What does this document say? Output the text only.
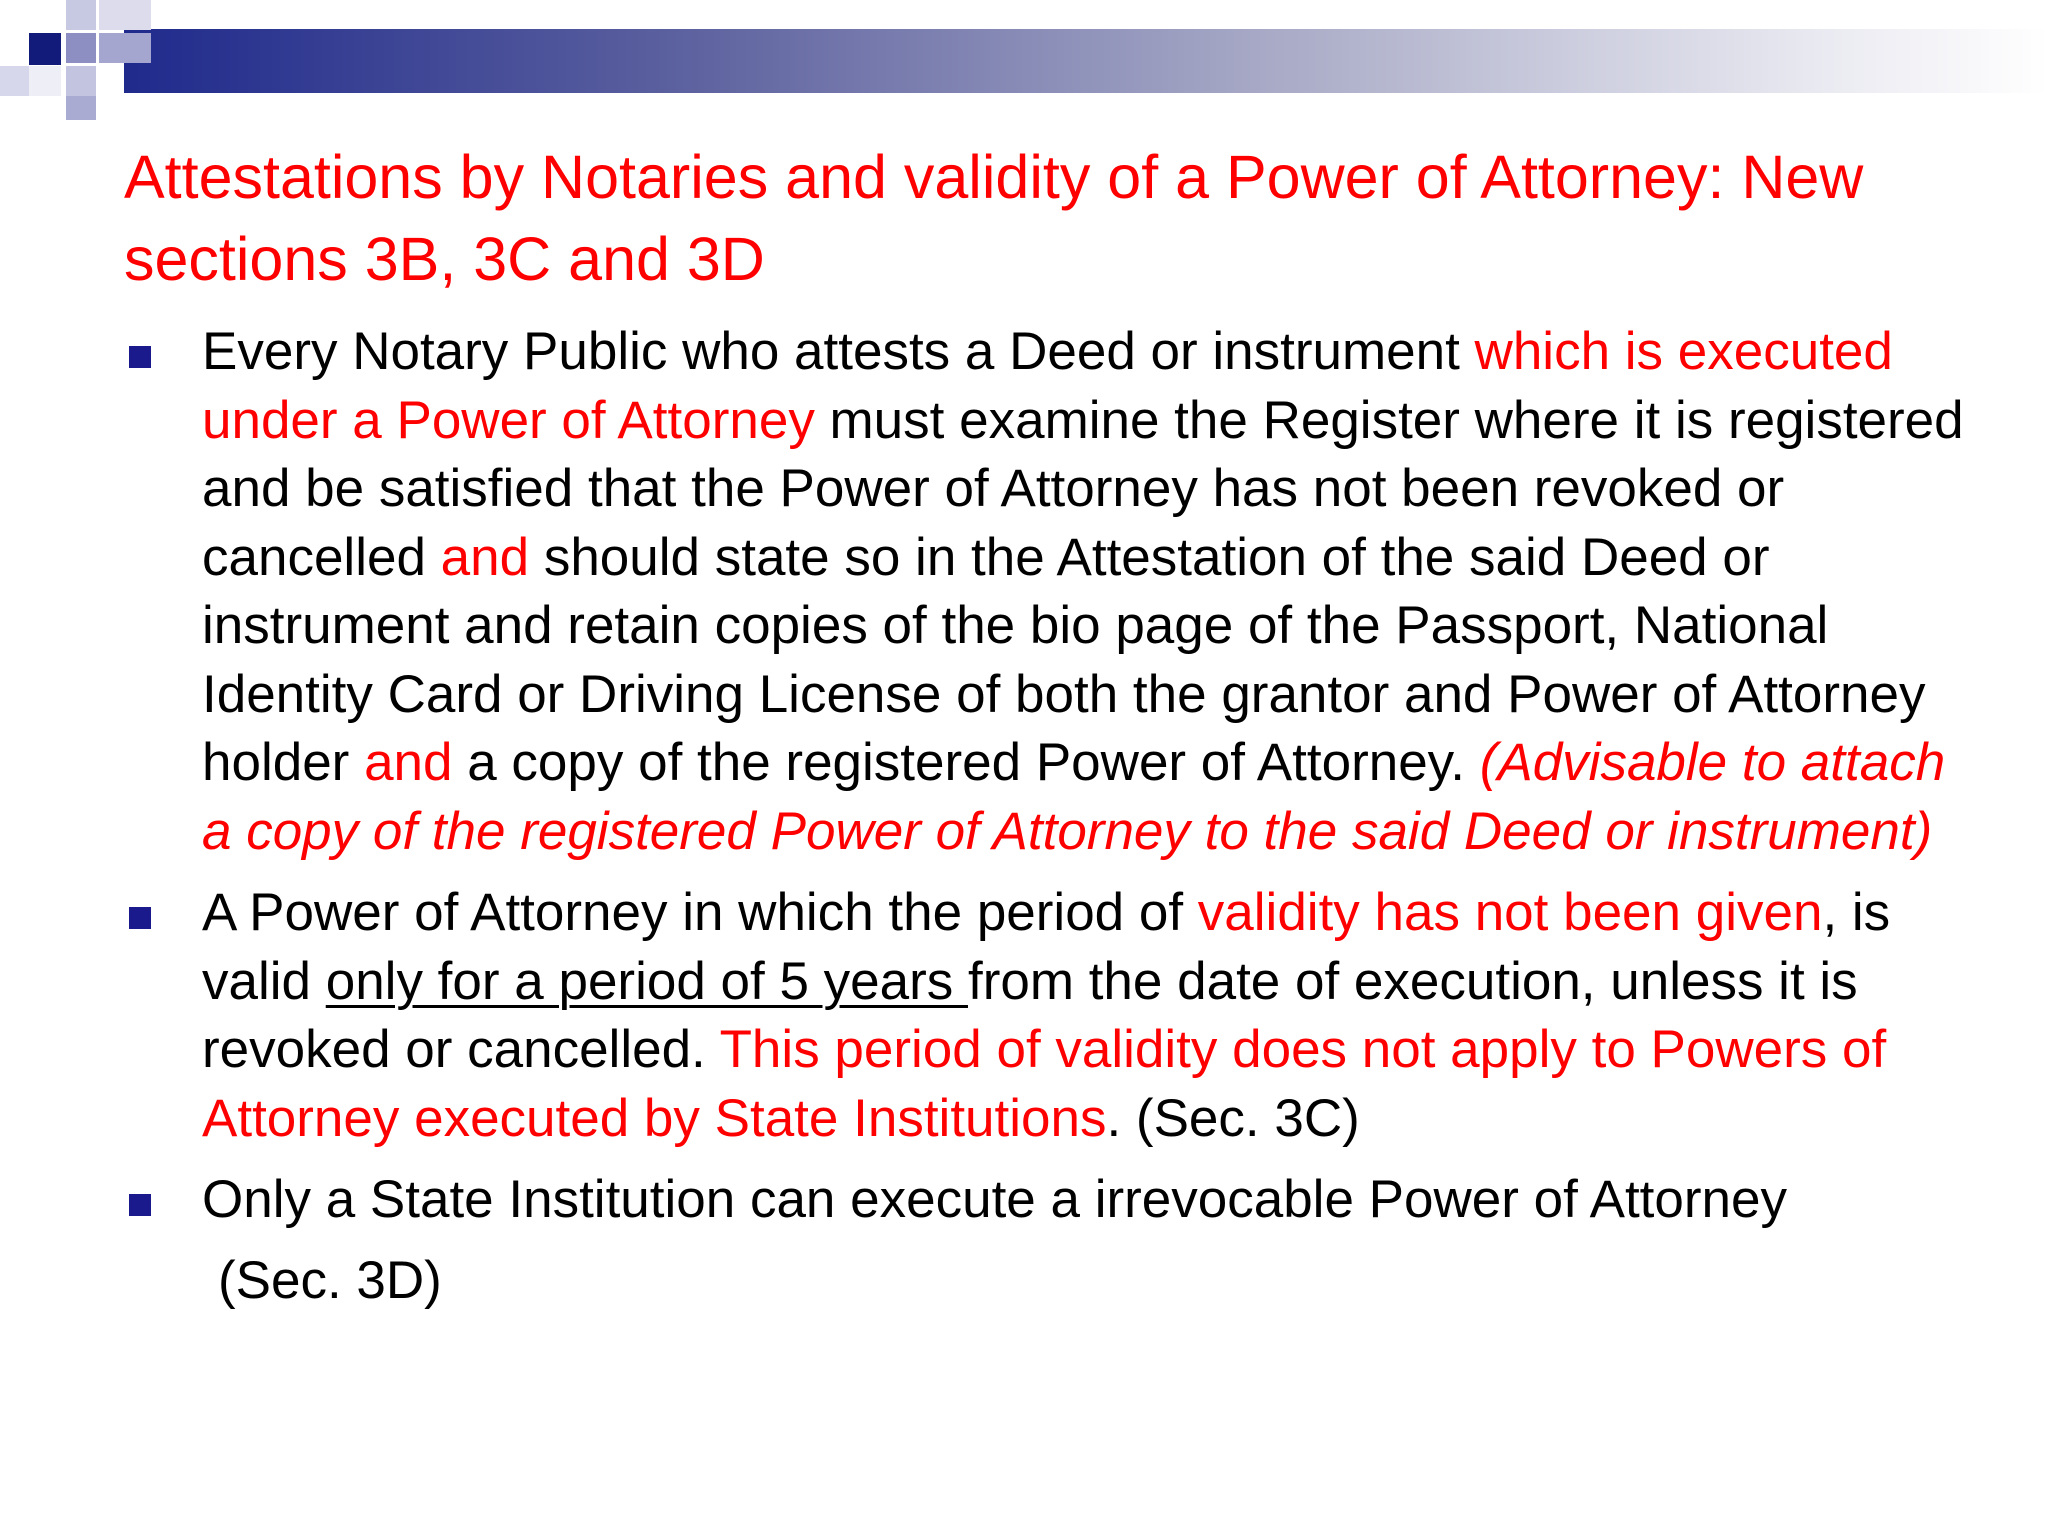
Attestations by Notaries and validity of a Power of Attorney: New sections 3B, 3C and 3D

Every Notary Public who attests a Deed or instrument which is executed under a Power of Attorney must examine the Register where it is registered and be satisfied that the Power of Attorney has not been revoked or cancelled and should state so in the Attestation of the said Deed or instrument and retain copies of the bio page of the Passport, National Identity Card or Driving License of both the grantor and Power of Attorney holder and a copy of the registered Power of Attorney. (Advisable to attach a copy of the registered Power of Attorney to the said Deed or instrument)

A Power of Attorney in which the period of validity has not been given, is valid only for a period of 5 years from the date of execution, unless it is revoked or cancelled. This period of validity does not apply to Powers of Attorney executed by State Institutions. (Sec. 3C)

Only a State Institution can execute a irrevocable Power of Attorney
(Sec. 3D)
